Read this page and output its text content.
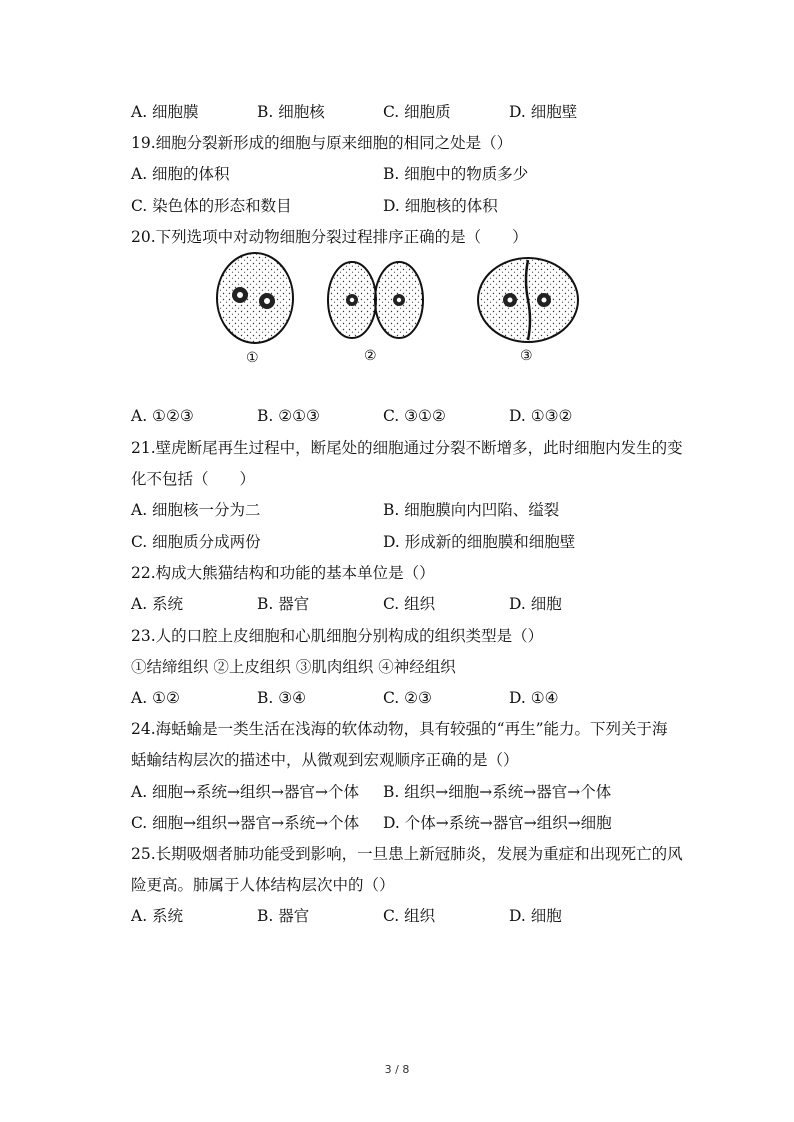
A. 细胞膜	B. 细胞核	C. 细胞质	D. 细胞壁
19.细胞分裂新形成的细胞与原来细胞的相同之处是（）
A. 细胞的体积	B. 细胞中的物质多少
C. 染色体的形态和数目	D. 细胞核的体积
20.下列选项中对动物细胞分裂过程排序正确的是（　　）
①	②	③
A. ①②③	B. ②①③	C. ③①②	D. ①③②
21.壁虎断尾再生过程中，断尾处的细胞通过分裂不断增多，此时细胞内发生的变
化不包括（　　）
A. 细胞核一分为二	B. 细胞膜向内凹陷、缢裂
C. 细胞质分成两份	D. 形成新的细胞膜和细胞壁
22.构成大熊猫结构和功能的基本单位是（）
A. 系统	B. 器官	C. 组织	D. 细胞
23.人的口腔上皮细胞和心肌细胞分别构成的组织类型是（）
①结缔组织 ②上皮组织 ③肌肉组织 ④神经组织
A. ①②	B. ③④	C. ②③	D. ①④
24.海蛞蝓是一类生活在浅海的软体动物，具有较强的“再生”能力。下列关于海
蛞蝓结构层次的描述中，从微观到宏观顺序正确的是（）
A. 细胞→系统→组织→器官→个体 B. 组织→细胞→系统→器官→个体
C. 细胞→组织→器官→系统→个体 D. 个体→系统→器官→组织→细胞
25.长期吸烟者肺功能受到影响，一旦患上新冠肺炎，发展为重症和出现死亡的风
险更高。肺属于人体结构层次中的（）
A. 系统	B. 器官	C. 组织	D. 细胞
3 / 8
